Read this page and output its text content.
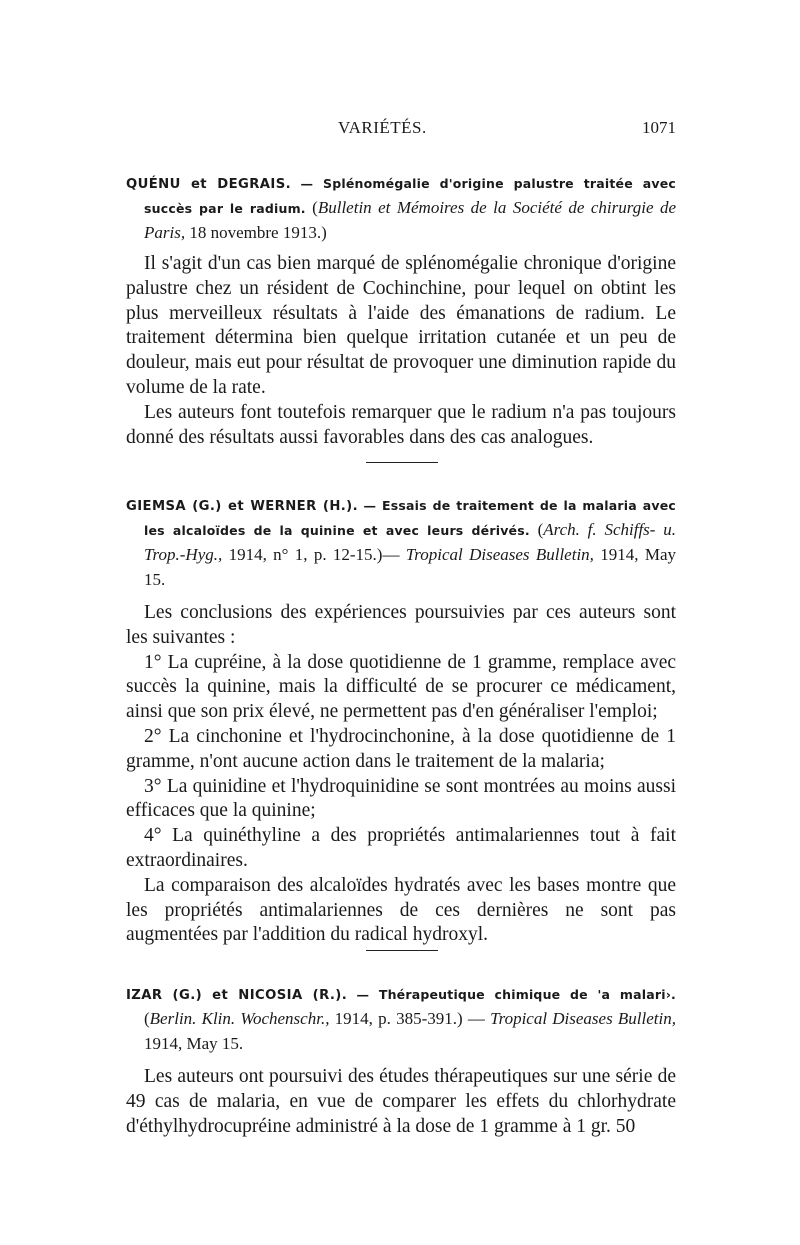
VARIÉTÉS.	1071
QUÉNU et DEGRAIS. — Splénomégalie d'origine palustre traitée avec succès par le radium. (Bulletin et Mémoires de la Société de chirurgie de Paris, 18 novembre 1913.)

Il s'agit d'un cas bien marqué de splénomégalie chronique d'origine palustre chez un résident de Cochinchine, pour lequel on obtint les plus merveilleux résultats à l'aide des émanations de radium. Le traitement détermina bien quelque irritation cutanée et un peu de douleur, mais eut pour résultat de provoquer une diminution rapide du volume de la rate.

Les auteurs font toutefois remarquer que le radium n'a pas toujours donné des résultats aussi favorables dans des cas analogues.

GIEMSA (G.) et WERNER (H.). — Essais de traitement de la malaria avec les alcaloïdes de la quinine et avec leurs dérivés. (Arch. f. Schiffs- u. Trop.-Hyg., 1914, n° 1, p. 12-15.)— Tropical Diseases Bulletin, 1914, May 15.

Les conclusions des expériences poursuivies par ces auteurs sont les suivantes :

1° La cupréine, à la dose quotidienne de 1 gramme, remplace avec succès la quinine, mais la difficulté de se procurer ce médicament, ainsi que son prix élevé, ne permettent pas d'en généraliser l'emploi;

2° La cinchonine et l'hydrocinchonine, à la dose quotidienne de 1 gramme, n'ont aucune action dans le traitement de la malaria;

3° La quinidine et l'hydroquinidine se sont montrées au moins aussi efficaces que la quinine;

4° La quinéthyline a des propriétés antimalariennes tout à fait extraordinaires.

La comparaison des alcaloïdes hydratés avec les bases montre que les propriétés antimalariennes de ces dernières ne sont pas augmentées par l'addition du radical hydroxyl.

IZAR (G.) et NICOSIA (R.). — Thérapeutique chimique de 'a malari›. (Berlin. Klin. Wochenschr., 1914, p. 385-391.) — Tropical Diseases Bulletin, 1914, May 15.

Les auteurs ont poursuivi des études thérapeutiques sur une série de 49 cas de malaria, en vue de comparer les effets du chlorhydrate d'éthylhydrocupréine administré à la dose de 1 gramme à 1 gr. 50
